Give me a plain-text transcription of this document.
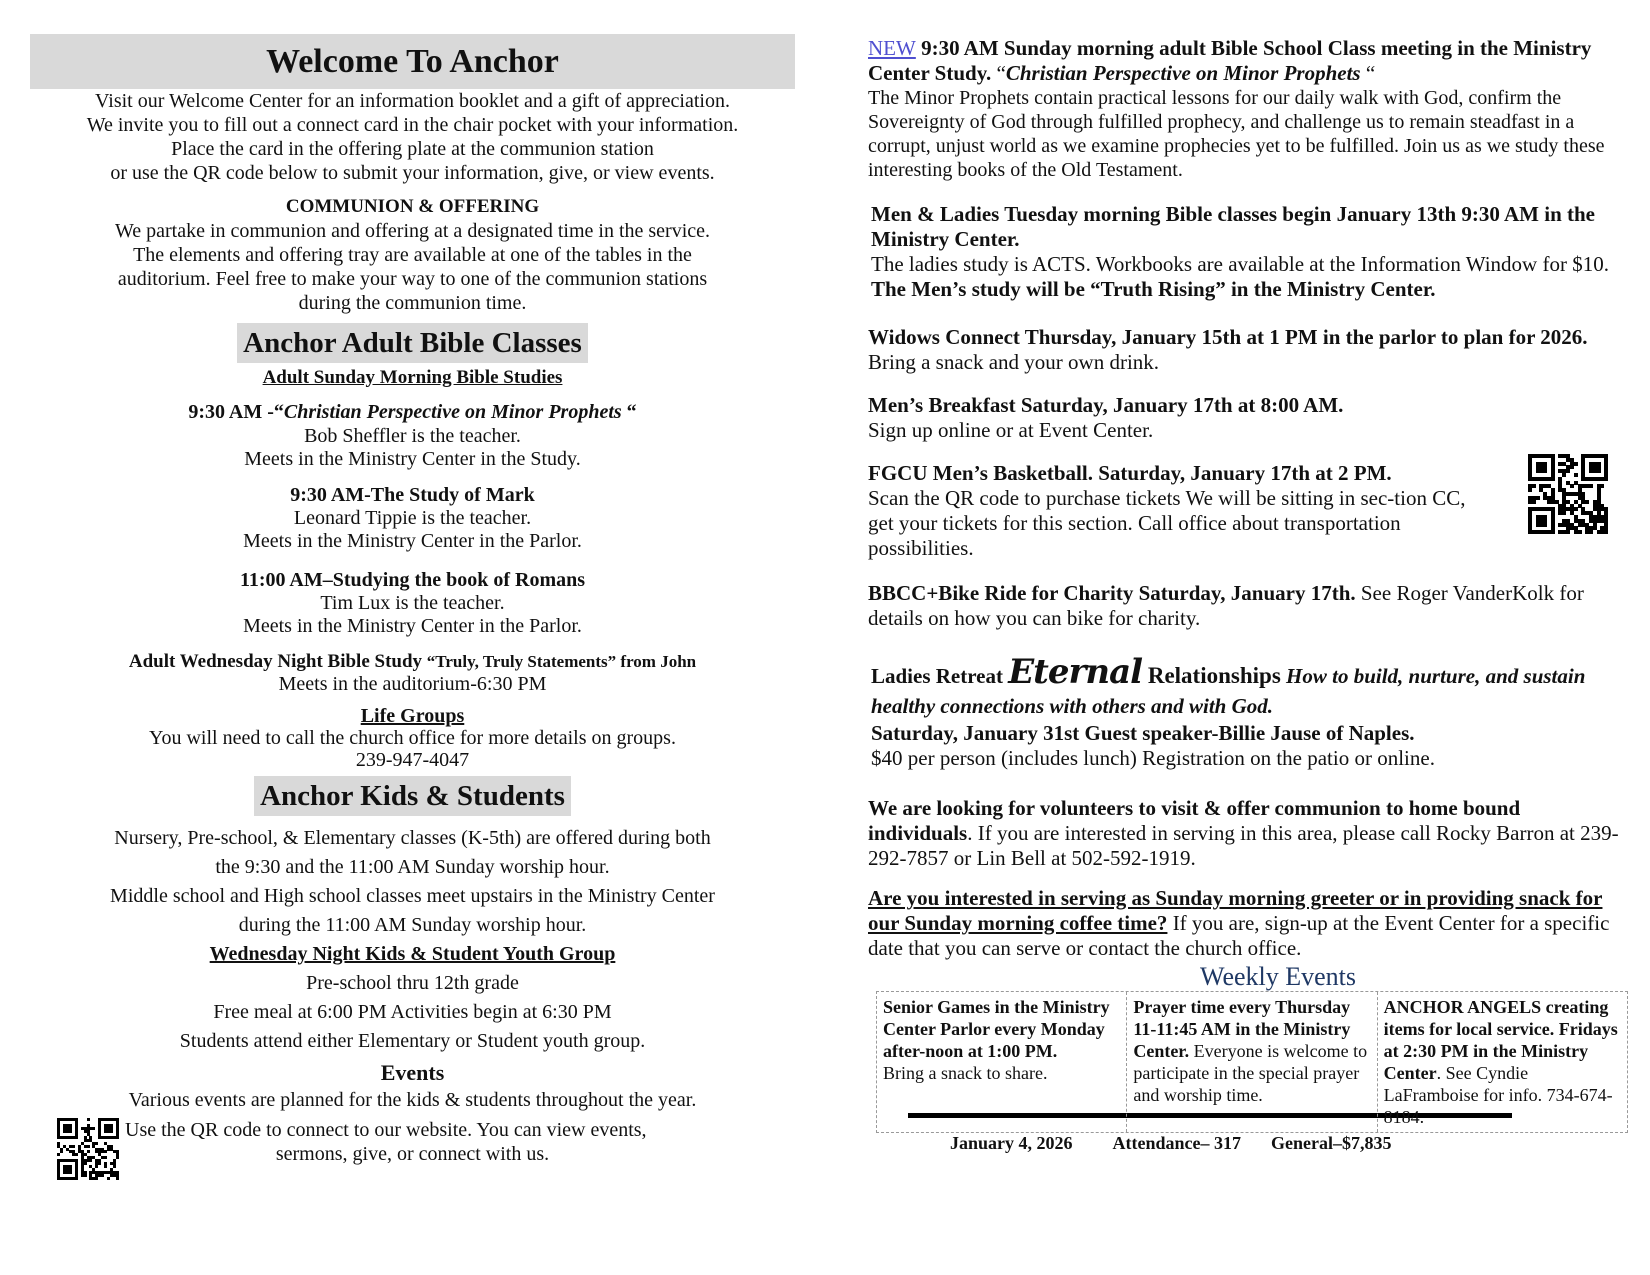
Welcome To Anchor

Visit our Welcome Center for an information booklet and a gift of appreciation.

We invite you to fill out a connect card in the chair pocket with your information.

Place the card in the offering plate at the communion station

or use the QR code below to submit your information, give, or view events.

COMMUNION & OFFERING

We partake in communion and offering at a designated time in the service.

The elements and offering tray are available at one of the tables in the

auditorium. Feel free to make your way to one of the communion stations

during the communion time.

Anchor Adult Bible Classes

Adult Sunday Morning Bible Studies

9:30 AM -“Christian Perspective on Minor Prophets “

Bob Sheffler is the teacher.

Meets in the Ministry Center in the Study.

9:30 AM-The Study of Mark

Leonard Tippie is the teacher.

Meets in the Ministry Center in the Parlor.

11:00 AM–Studying the book of Romans

Tim Lux is the teacher.

Meets in the Ministry Center in the Parlor.

Adult Wednesday Night Bible Study “Truly, Truly Statements” from John

Meets in the auditorium-6:30 PM

Life Groups

You will need to call the church office for more details on groups.

239-947-4047

Anchor Kids & Students

Nursery, Pre-school, & Elementary classes (K-5th) are offered during both

the 9:30 and the 11:00 AM Sunday worship hour.

Middle school and High school classes meet upstairs in the Ministry Center

during the 11:00 AM Sunday worship hour.

Wednesday Night Kids & Student Youth Group

Pre-school thru 12th grade

Free meal at 6:00 PM Activities begin at 6:30 PM

Students attend either Elementary or Student youth group.

Events

Various events are planned for the kids & students throughout the year.

Use the QR code to connect to our website. You can view events,

sermons, give, or connect with us.

NEW 9:30 AM Sunday morning adult Bible School Class meeting in the Ministry Center Study. “Christian Perspective on Minor Prophets “

The Minor Prophets contain practical lessons for our daily walk with God, confirm the Sovereignty of God through fulfilled prophecy, and challenge us to remain steadfast in a corrupt, unjust world as we examine prophecies yet to be fulfilled. Join us as we study these interesting books of the Old Testament.

Men & Ladies Tuesday morning Bible classes begin January 13th 9:30 AM in the Ministry Center.

The ladies study is ACTS. Workbooks are available at the Information Window for $10.

The Men’s study will be “Truth Rising” in the Ministry Center.

Widows Connect Thursday, January 15th at 1 PM in the parlor to plan for 2026. Bring a snack and your own drink.

Men’s Breakfast Saturday, January 17th at 8:00 AM.

Sign up online or at Event Center.

FGCU Men’s Basketball. Saturday, January 17th at 2 PM.

Scan the QR code to purchase tickets We will be sitting in sec-tion CC, get your tickets for this section. Call office about transportation possibilities.

BBCC+Bike Ride for Charity Saturday, January 17th. See Roger VanderKolk for details on how you can bike for charity.

Ladies Retreat Eternal Relationships How to build, nurture, and sustain healthy connections with others and with God.

Saturday, January 31st Guest speaker-Billie Jause of Naples.

$40 per person (includes lunch) Registration on the patio or online.

We are looking for volunteers to visit & offer communion to home bound individuals. If you are interested in serving in this area, please call Rocky Barron at 239-292-7857 or Lin Bell at 502-592-1919.

Are you interested in serving as Sunday morning greeter or in providing snack for our Sunday morning coffee time? If you are, sign-up at the Event Center for a specific date that you can serve or contact the church office.

Weekly Events
Senior Games in the Ministry Center Parlor every Monday after-noon at 1:00 PM.
Bring a snack to share.
Prayer time every Thursday 11-11:45 AM in the Ministry Center. Everyone is welcome to participate in the special prayer and worship time.
ANCHOR ANGELS creating items for local service. Fridays at 2:30 PM in the Ministry Center. See Cyndie LaFramboise for info. 734-674-8184.
January 4, 2026 Attendance– 317 General–$7,835
